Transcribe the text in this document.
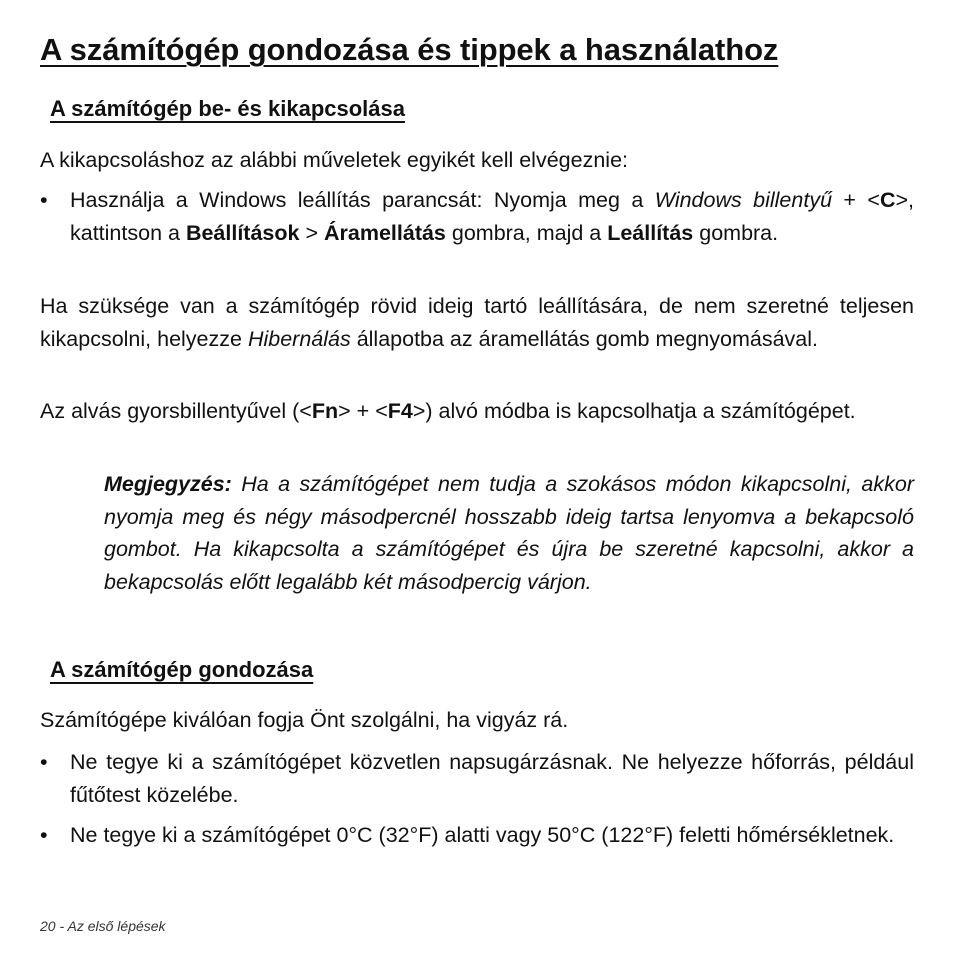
A számítógép gondozása és tippek a használathoz
A számítógép be- és kikapcsolása

A kikapcsoláshoz az alábbi műveletek egyikét kell elvégeznie:

• Használja a Windows leállítás parancsát: Nyomja meg a Windows billentyű + <C>, kattintson a Beállítások > Áramellátás gombra, majd a Leállítás gombra.

Ha szüksége van a számítógép rövid ideig tartó leállítására, de nem szeretné teljesen kikapcsolni, helyezze Hibernálás állapotba az áramellátás gomb megnyomásával.

Az alvás gyorsbillentyűvel (<Fn> + <F4>) alvó módba is kapcsolhatja a számítógépet.

Megjegyzés: Ha a számítógépet nem tudja a szokásos módon kikapcsolni, akkor nyomja meg és négy másodpercnél hosszabb ideig tartsa lenyomva a bekapcsoló gombot. Ha kikapcsolta a számítógépet és újra be szeretné kapcsolni, akkor a bekapcsolás előtt legalább két másodpercig várjon.

A számítógép gondozása

Számítógépe kiválóan fogja Önt szolgálni, ha vigyáz rá.

• Ne tegye ki a számítógépet közvetlen napsugárzásnak. Ne helyezze hőforrás, például fűtőtest közelébe.
• Ne tegye ki a számítógépet 0°C (32°F) alatti vagy 50°C (122°F) feletti hőmérsékletnek.
20 - Az első lépések
